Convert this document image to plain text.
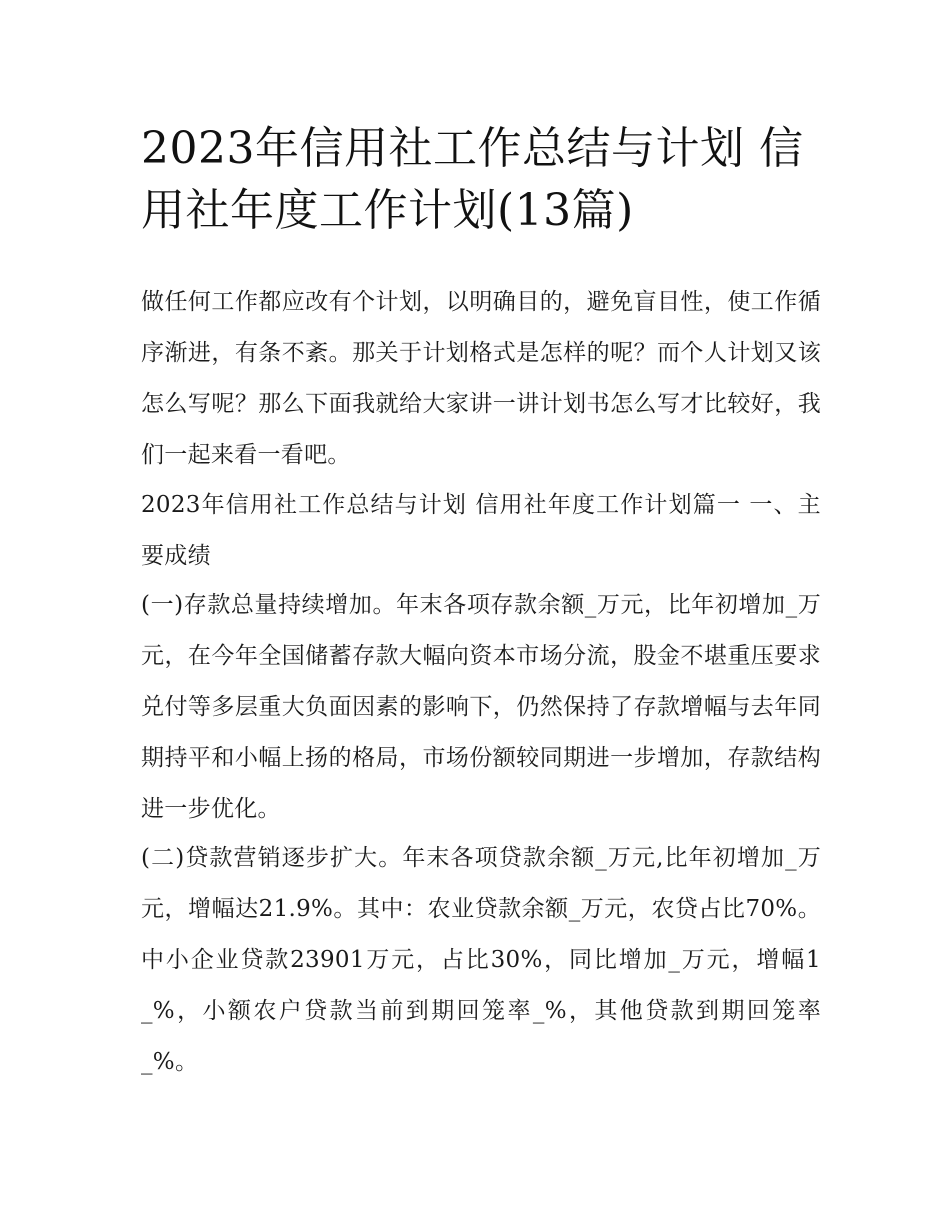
2023年信用社工作总结与计划 信用社年度工作计划(13篇)

做任何工作都应改有个计划，以明确目的，避免盲目性，使工作循序渐进，有条不紊。那关于计划格式是怎样的呢？而个人计划又该怎么写呢？那么下面我就给大家讲一讲计划书怎么写才比较好，我们一起来看一看吧。

2023年信用社工作总结与计划 信用社年度工作计划篇一 一、主要成绩

(一)存款总量持续增加。年末各项存款余额_万元，比年初增加_万元，在今年全国储蓄存款大幅向资本市场分流，股金不堪重压要求兑付等多层重大负面因素的影响下，仍然保持了存款增幅与去年同期持平和小幅上扬的格局，市场份额较同期进一步增加，存款结构进一步优化。

(二)贷款营销逐步扩大。年末各项贷款余额_万元,比年初增加_万元，增幅达21.9%。其中：农业贷款余额_万元，农贷占比70%。中小企业贷款23901万元，占比30%，同比增加_万元，增幅1_%，小额农户贷款当前到期回笼率_%，其他贷款到期回笼率_%。
